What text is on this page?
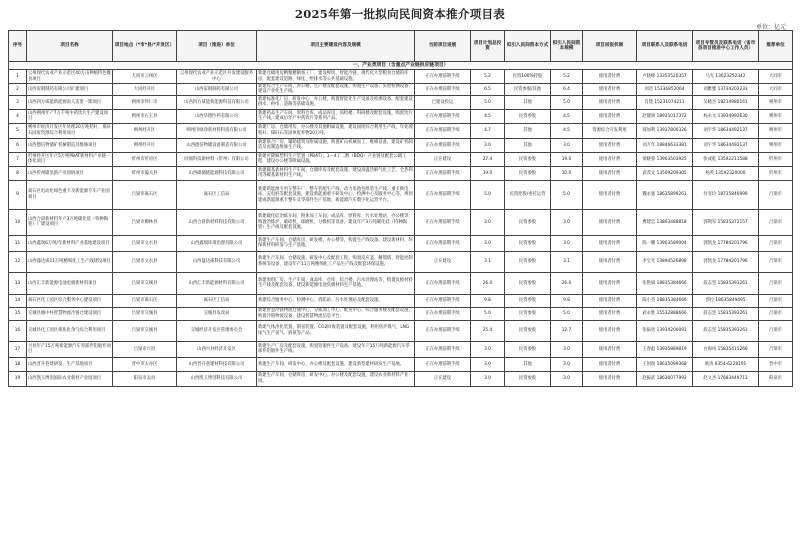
2025年第一批拟向民间资本推介项目表
单位：亿元
序号	项目名称	项目地点（*市*县/*开发区）	项目（推进）单位	项目主要建设内容及规模	当前项目进展	项目计划总投资	拟引入民间资本方式	拟引入民间资本规模	项目回报机制	项目联系人及联系电话	项目专管员及联系电话（省市县项目推进中心工作人员）	推荐单位
一、产业类项目（含重点产业链供应链项目）												
1	云州现代农业产业示范区40万亩种植特色餐食项目	大同市云州区	云州现代农业产业示范区开发建设服务中心	新建仓储用房精粮精制加工厂、建设鲜切、智能冷链、现代化大型粮食仓储的库房，配套建设道路、绿化、给排水等公共基础设施。	正在办理前期手续	5.2	民资100%持股	5.2	使用者付费	卢晓峰 13353520357	马光 13623252342	大同市
2	山西雷钢制药有限公司扩建项目	大同经开区	山西雷钢制药有限公司	新建综合生产车间、办公楼、生产楼及配套设施，购置生产设备、实验检测设备，建设产业化生产线。	正在办理前期手续	6.5	民资参股/其他	6.4	使用者付费	刘浩 15336852064	刘雅雅 13734202233	大同市
3	山西四方威能新能源南人造蛋一期项目	朔州市怀仁市	山西四方威能新能源科技有限公司	新建标准化厂房、研发中心、办公楼，购置智能化生产设备及检测设备，配套建设供水、供电、道路等基础设施。	已建设投运	5.0	其他	5.0	使用者付费	肖建 15231074211	吴晓杰 18214980161	朔州市
4	山西朔州年产7万千吨中药饮片生产建设项目	朔州市右玉县	山西华德医药有限公司	新建药品生产车间、原料仓库、成品库房、质检楼、科研楼及配套设施，购置饮片生产线，建成后年产中药饮片等系列产品。	正在办理前期手续	4.5	民资参股	4.5	使用者付费	赵健洲 18935017372	杨永文 13934992630	朔州市
5	朔州市经济开发区年处理20万吨秸秆、煤矸石固废资源综合利用项目	朔州经开区	朔州市绿净新材料科技有限公司	新建厂房、仓储用房、办公楼及其他附属设施，建设固废综合利用生产线，年处理秸秆、煤矸石等固体废弃物20万吨。	正在办理前期手续	4.7	其他	4.5	资源综合开发利用	郝加利 13937800326	刘宇华 18634492137	朔州市
6	山西德信物储矿机械制造及维修项目	朔州经开区	山西德信物储设备制造有限公司	新建联合厂房、辅助建筑及附属设施，购置矿山机械加工、维修设备，建设矿机制造及再制造维修生产线。	正在办理前期手续	3.0	其他	3.0	使用者付费	刘万年 18846633381	刘宇华 18634492137	朔州市
7	忻州经开区年产5万吨PBAT新材料产业链一体化项目	忻州市忻府区	同润科技新材料（忻州）有限公司	新建可降解塑料生产装置（PBAT）、1—4丁二醇（BDO）产业链及配套公辅工程，建设办公楼等附属设施。	正在建设	27.4	民资参股	19.0	使用者付费	梁晓蓉 13903503925	张成乾 13592211588	忻州市
8	山西忻州碳基新产业园链项目	忻州市偏关县	山西碳储链能源科技有限公司	新建碳基新材料生产车间、仓储库房及配套设施，建设高温热解气化工艺、全热利用等碳基新材料生产线。	正在办理前期手续	19.0	民资参股	10.0	使用者付费	武茂文 13509209305	杨英 13592320000	忻州市
9	离石区电动化绿色重卡及新能源专车产业园项目	吕梁市离石区	离石区工信局	新建新能源专用车整车厂、整车装配生产线、动力电池包组装生产线、重卡换电站、充电桩等配套设施，建设新能源重卡研发中心、检测中心及服务中心等，规划建成新能源重卡整车及零部件生产基地、新能源汽车数字化运营平台。	正在办理前期手续	5.0	民资控股/委托运营	5.0	使用者付费	魏永强 18635899261	付亚玲 18735846999	吕梁市
10	山西合晨新材料年产3万吨碳化硅（特种陶瓷）厂建设项目	吕梁市柳林县	山西合晨新材料科技有限公司	新建碳化硅冶炼车间、粉体加工车间、成品库、原料库、污水处理站、办公楼等，购置冶炼炉、破碎机、球磨机、分级机等设备，建设年产3万吨碳化硅（特种陶瓷）生产线及配套设施。	正在办理前期手续	3.0	民资参股	3.0	使用者付费	曹建忠 13803488818	郭利军 15835372157	吕梁市
11	山西鑫瑞6万吨/年新材料产业基地建设项目	吕梁市文水县	山西鑫瑞环境治理有限公司	新建生产车间、仓储库房、研发楼、办公楼等，购置生产线设备，建设新材料、环保新材料研发与生产基地。	正在办理前期手续	3.0	民资参股	3.0	使用者付费	陈一鹏 13903589004	郭凯龙 17784201796	吕梁市
12	山西盛达威11万吨精细化工生产线建设项目	吕梁市文水县	山西盛达威科技有限公司	新建生产车间、仓储设施、研发中心及配套工程，购置反应釜、精馏塔、智能控制系统等设备，建设年产11万吨精细化工产品生产线及配套环保设施。	正在建设	3.1	民资参股	3.1	使用者付费	李宝光 13894526898	郭凯龙 17784201796	吕梁市
13	山西汇丰新能源电池电极新材料项目	吕梁市交城县	山西汇丰新能源材料有限公司	新建原料厂房、生产车间、成品库、仓库、综合楼、污水处理站等，购置负极材料生产线及配套设备，建设新能源电池负极材料生产基地。	正在办理前期手续	26.0	民资参股	26.0	使用者付费	张艳斌 18835384666	段志坚 15835393261	吕梁市
14	离石区化工园区综合服务中心建设项目	吕梁市离石区	离石区工信局	新建综合服务中心、检测中心、消防站、污水处理站及配套设施。	正在办理前期手续	9.8	民资参股	9.8	使用者付费	陈小杰 18835384666	郭拉 18635849495	吕梁市
15	交城县城中村智慧物流冷链仓建设项目	吕梁市交城县	交城县发改局	新建智慧冷链物流仓储中心、分拣加工中心、配送中心、综合服务楼及配套设施，购置冷链物流设备，建设智慧物流信息平台。	正在办理前期手续	5.0	民资参股	5.0	使用者付费	武永胜 15532888666	段志坚 15835393261	吕梁市
16	交城县化工园区煤焦化余气综合利用项目	吕梁市交城县	交城经济开发区管理委员会	新建气体净化装置、制氢装置、CO2回收装置及配套设施，利用焦炉煤气、LNG尾气生产氢气、液氨等产品。	正在办理前期手续	25.4	民资参股	12.7	使用者付费	张振勇 13934200091	段志坚 15835393261	吕梁市
17	兴县年产15万吨新能源汽车零部件铝锻件项目	吕梁市兴县	山西兴县经济开发区	新建生产厂房及配套设施，购置铝锻件生产设备，建设年产15万吨新能源汽车零部件铝锻件生产线。	正在办理前期手续	3.0	民资参股	3.0	使用者付费	王春彪 13935889819	白海风 15835415266	吕梁市
18	山西晋开巷建研发、生产基地项目	晋中市太谷区	山西晋开巷建材科技有限公司	新建生产车间、研发中心、办公楼及配套设施，建设新型建材研发生产基地。	正在办理前期手续	3.0	其他	3.0	使用者付费	王国瑞 18635099368	耿涛 0354-6228191	晋中市
19	山西凯玉博创国际农业新材产业园项目	阳泉市盂县	山西凯玉博创科技有限公司	新建生产车间、仓储库房、研发中心、办公楼及配套设施，建设农业新材料产业园。	正在建设	3.0	民资参股	3.0	使用者付费	赵振武 18636077993	赵文杰 17683449713	阳泉市
